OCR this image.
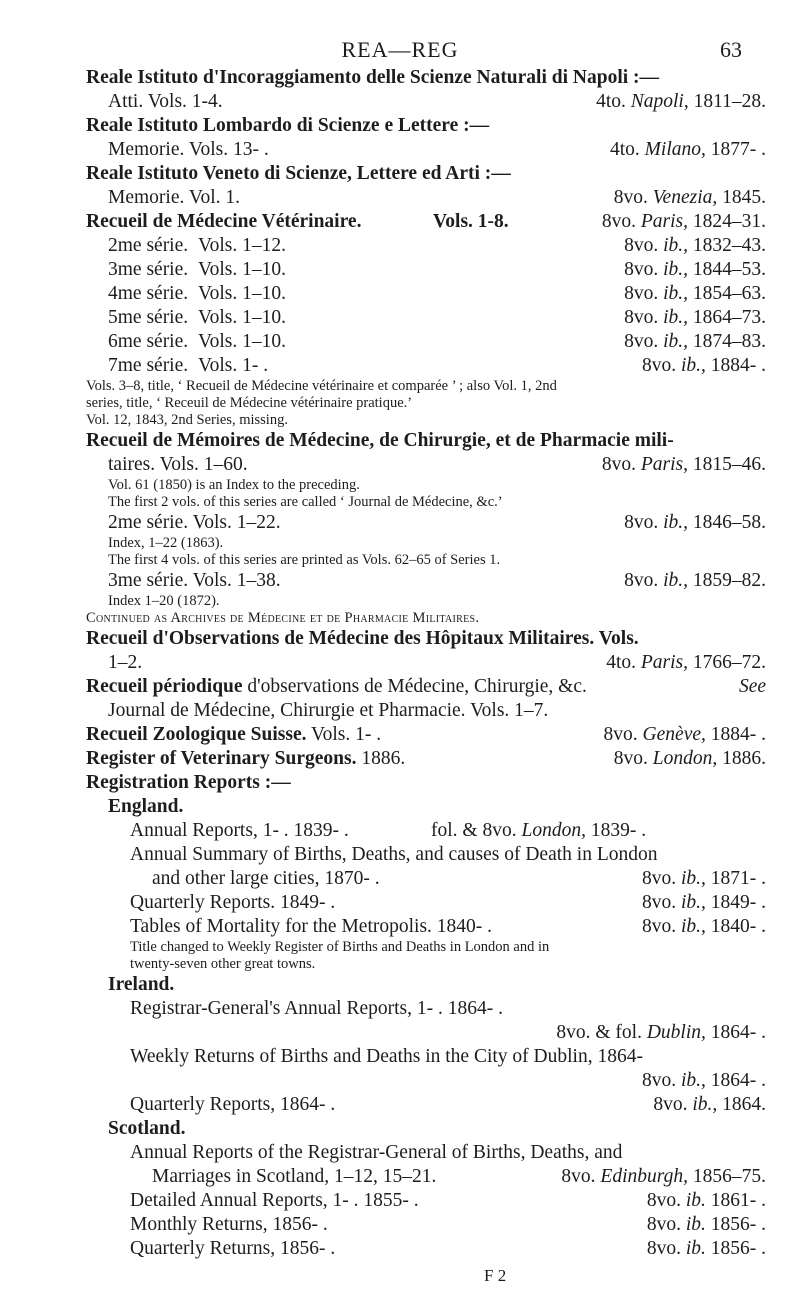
REA—REG	63
Reale Istituto d'Incoraggiamento delle Scienze Naturali di Napoli :—
Atti. Vols. 1-4.	4to. Napoli, 1811–28.
Reale Istituto Lombardo di Scienze e Lettere :—
Memorie. Vols. 13- .	4to. Milano, 1877- .
Reale Istituto Veneto di Scienze, Lettere ed Arti :—
Memorie. Vol. 1.	8vo. Venezia, 1845.
Recueil de Médecine Vétérinaire.	Vols. 1-8.	8vo. Paris, 1824–31.
2me série. Vols. 1–12.	8vo. ib., 1832–43.
3me série. Vols. 1–10.	8vo. ib., 1844–53.
4me série. Vols. 1–10.	8vo. ib., 1854–63.
5me série. Vols. 1–10.	8vo. ib., 1864–73.
6me série. Vols. 1–10.	8vo. ib., 1874–83.
7me série. Vols. 1- .	8vo. ib., 1884- .
Vols. 3–8, title, ‘ Recueil de Médecine vétérinaire et comparée ’ ; also Vol. 1, 2nd
series, title, ‘ Receuil de Médecine vétérinaire pratique.’
Vol. 12, 1843, 2nd Series, missing.
Recueil de Mémoires de Médecine, de Chirurgie, et de Pharmacie mili-
taires. Vols. 1–60.	8vo. Paris, 1815–46.
Vol. 61 (1850) is an Index to the preceding.
The first 2 vols. of this series are called ‘ Journal de Médecine, &c.’
2me série. Vols. 1–22.	8vo. ib., 1846–58.
Index, 1–22 (1863).
The first 4 vols. of this series are printed as Vols. 62–65 of Series 1.
3me série. Vols. 1–38.	8vo. ib., 1859–82.
Index 1–20 (1872).
Continued as Archives de Médecine et de Pharmacie Militaires.
Recueil d'Observations de Médecine des Hôpitaux Militaires. Vols.
1–2.	4to. Paris, 1766–72.
Recueil périodique d'observations de Médecine, Chirurgie, &c.	See
Journal de Médecine, Chirurgie et Pharmacie. Vols. 1–7.
Recueil Zoologique Suisse. Vols. 1- .	8vo. Genève, 1884- .
Register of Veterinary Surgeons. 1886.	8vo. London, 1886.
Registration Reports :—
England.
Annual Reports, 1- . 1839- .	fol. & 8vo. London, 1839- .
Annual Summary of Births, Deaths, and causes of Death in London
and other large cities, 1870- .	8vo. ib., 1871- .
Quarterly Reports. 1849- .	8vo. ib., 1849- .
Tables of Mortality for the Metropolis. 1840- .	8vo. ib., 1840- .
Title changed to Weekly Register of Births and Deaths in London and in
twenty-seven other great towns.
Ireland.
Registrar-General's Annual Reports, 1- . 1864- .
8vo. & fol. Dublin, 1864- .
Weekly Returns of Births and Deaths in the City of Dublin, 1864-
8vo. ib., 1864- .
Quarterly Reports, 1864- .	8vo. ib., 1864.
Scotland.
Annual Reports of the Registrar-General of Births, Deaths, and
Marriages in Scotland, 1–12, 15–21.	8vo. Edinburgh, 1856–75.
Detailed Annual Reports, 1- . 1855- .	8vo. ib. 1861- .
Monthly Returns, 1856- .	8vo. ib. 1856- .
Quarterly Returns, 1856- .	8vo. ib. 1856- .
F 2
